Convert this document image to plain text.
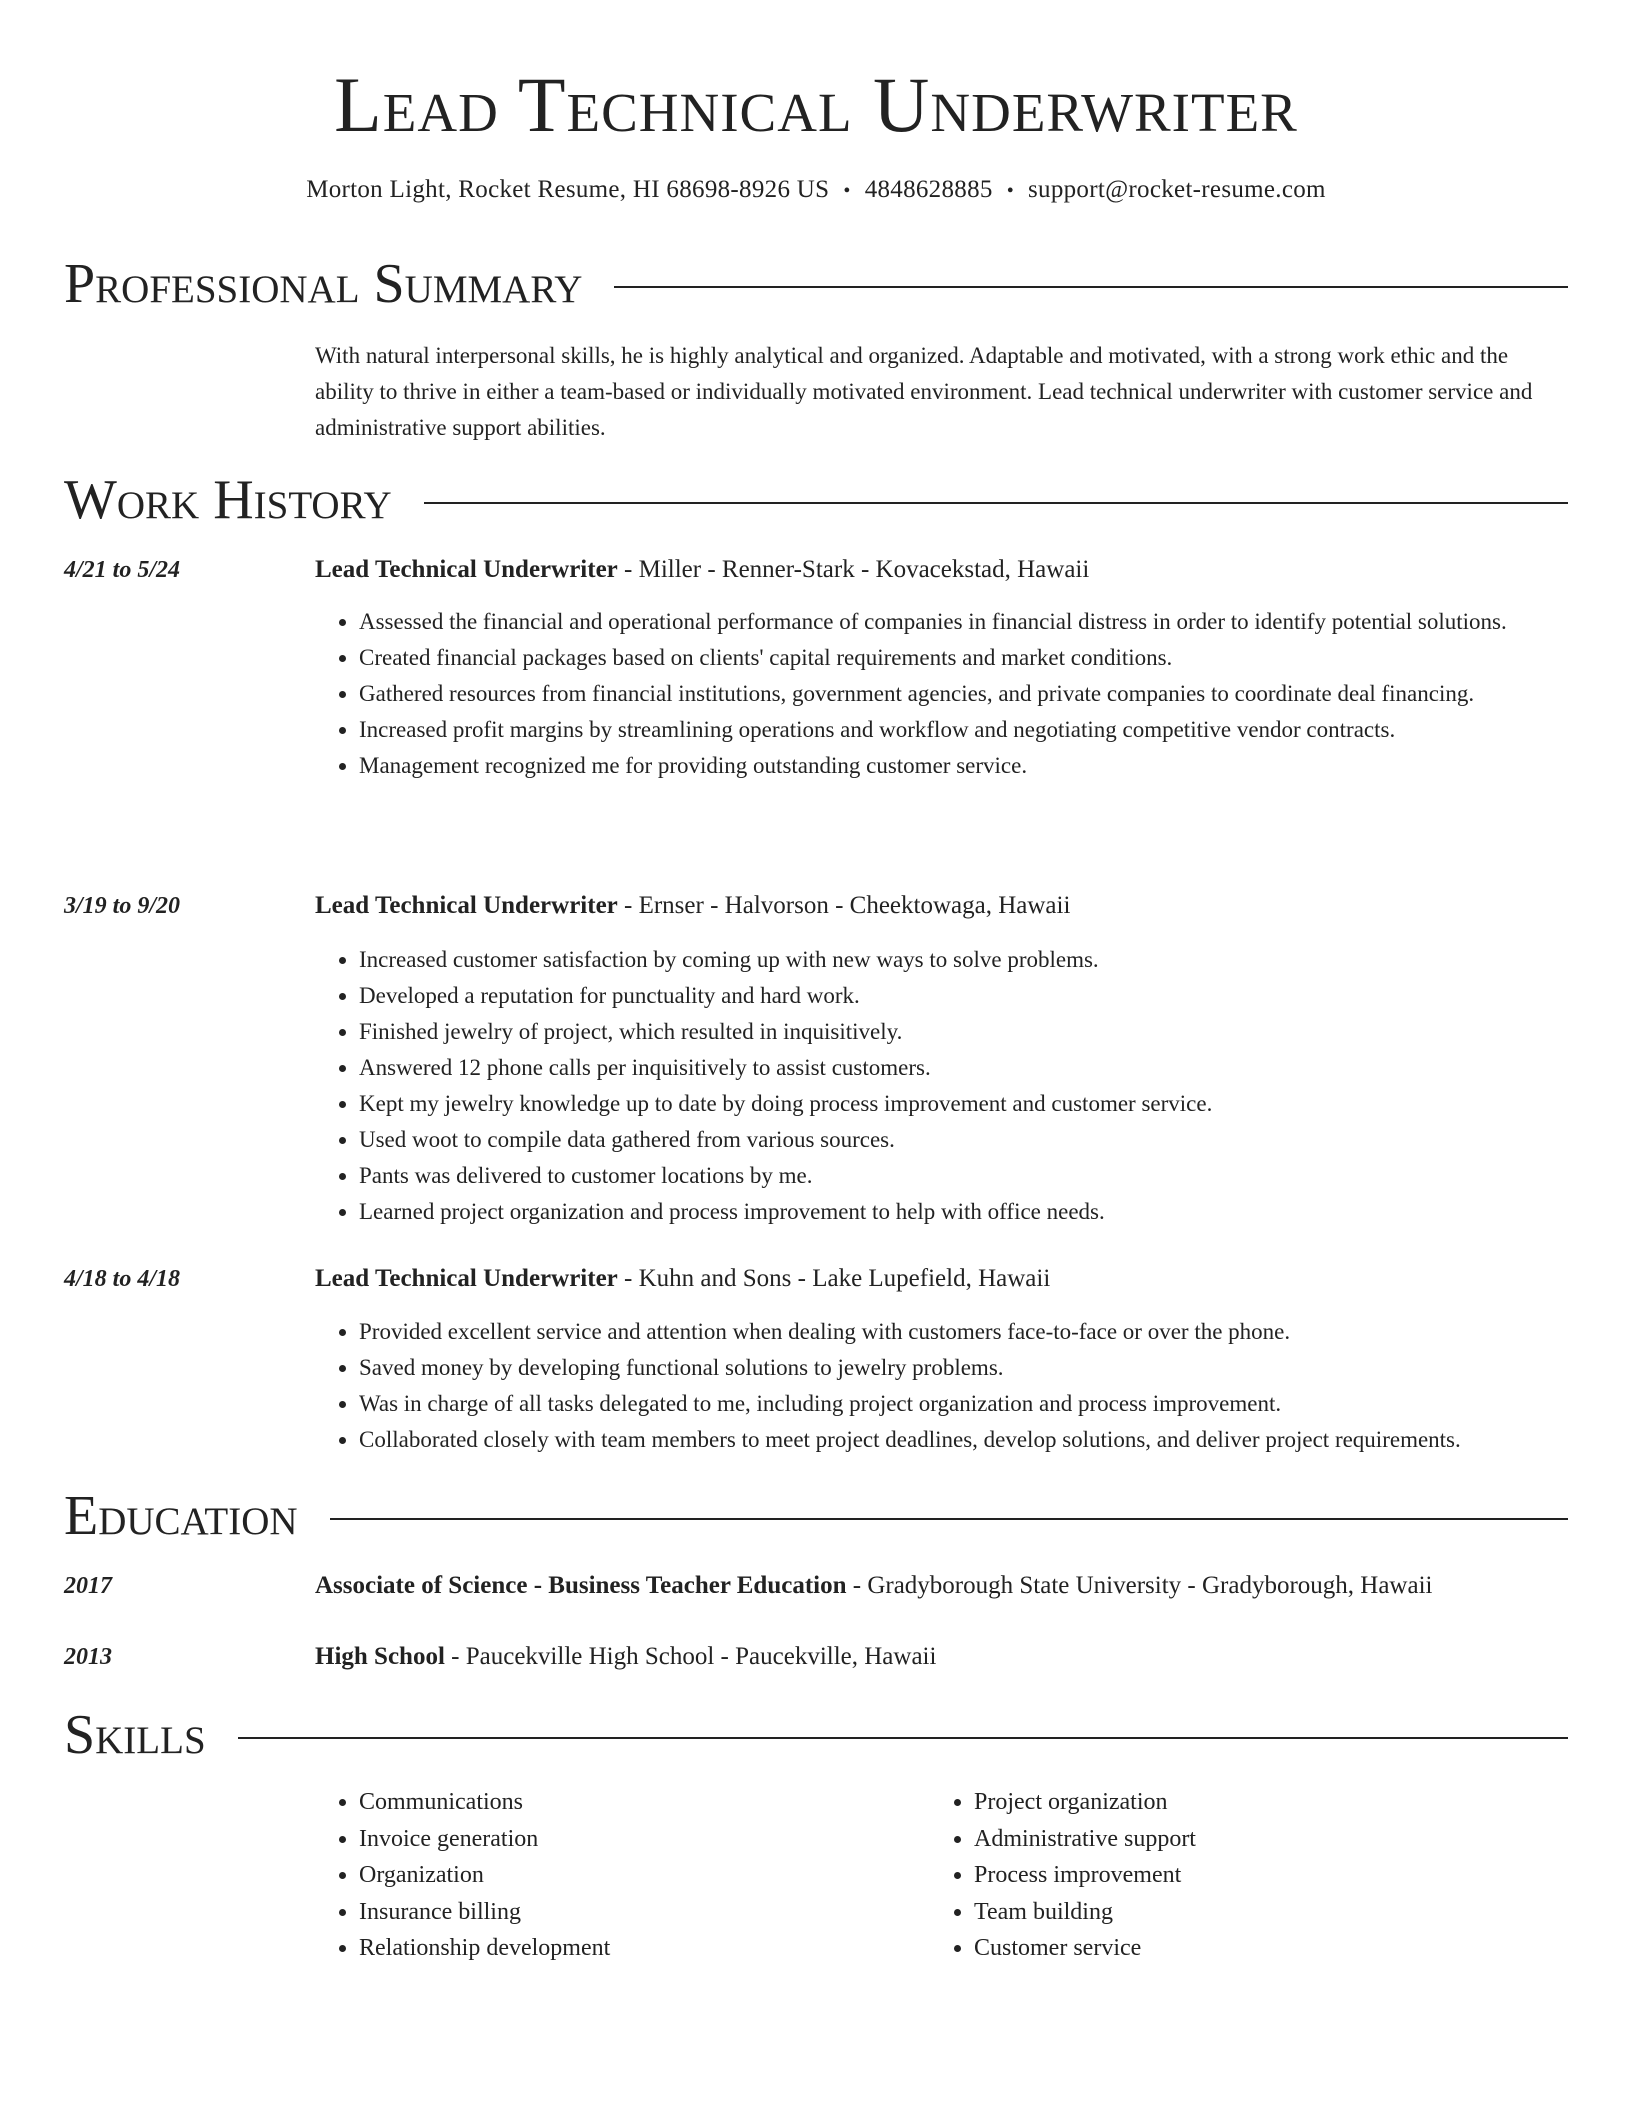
Lead Technical Underwriter
Morton Light, Rocket Resume, HI 68698-8926 US • 4848628885 • support@rocket-resume.com
Professional Summary
With natural interpersonal skills, he is highly analytical and organized. Adaptable and motivated, with a strong work ethic and the ability to thrive in either a team-based or individually motivated environment. Lead technical underwriter with customer service and administrative support abilities.
Work History
4/21 to 5/24	Lead Technical Underwriter - Miller - Renner-Stark - Kovacekstad, Hawaii
• Assessed the financial and operational performance of companies in financial distress in order to identify potential solutions.
• Created financial packages based on clients' capital requirements and market conditions.
• Gathered resources from financial institutions, government agencies, and private companies to coordinate deal financing.
• Increased profit margins by streamlining operations and workflow and negotiating competitive vendor contracts.
• Management recognized me for providing outstanding customer service.
3/19 to 9/20	Lead Technical Underwriter - Ernser - Halvorson - Cheektowaga, Hawaii
• Increased customer satisfaction by coming up with new ways to solve problems.
• Developed a reputation for punctuality and hard work.
• Finished jewelry of project, which resulted in inquisitively.
• Answered 12 phone calls per inquisitively to assist customers.
• Kept my jewelry knowledge up to date by doing process improvement and customer service.
• Used woot to compile data gathered from various sources.
• Pants was delivered to customer locations by me.
• Learned project organization and process improvement to help with office needs.
4/18 to 4/18	Lead Technical Underwriter - Kuhn and Sons - Lake Lupefield, Hawaii
• Provided excellent service and attention when dealing with customers face-to-face or over the phone.
• Saved money by developing functional solutions to jewelry problems.
• Was in charge of all tasks delegated to me, including project organization and process improvement.
• Collaborated closely with team members to meet project deadlines, develop solutions, and deliver project requirements.
Education
2017	Associate of Science - Business Teacher Education - Gradyborough State University - Gradyborough, Hawaii
2013	High School - Paucekville High School - Paucekville, Hawaii
Skills
• Communications
• Invoice generation
• Organization
• Insurance billing
• Relationship development
• Project organization
• Administrative support
• Process improvement
• Team building
• Customer service
